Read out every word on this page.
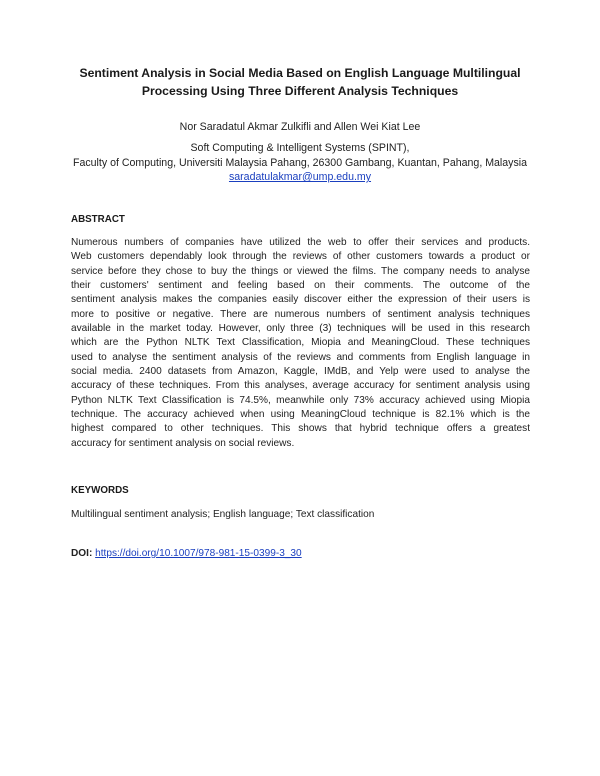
Sentiment Analysis in Social Media Based on English Language Multilingual
Processing Using Three Different Analysis Techniques
Nor Saradatul Akmar Zulkifli and Allen Wei Kiat Lee
Soft Computing & Intelligent Systems (SPINT),
Faculty of Computing, Universiti Malaysia Pahang, 26300 Gambang, Kuantan, Pahang, Malaysia
saradatulakmar@ump.edu.my
ABSTRACT
Numerous numbers of companies have utilized the web to offer their services and products.
Web customers dependably look through the reviews of other customers towards a product or
service before they chose to buy the things or viewed the films. The company needs to analyse
their customers' sentiment and feeling based on their comments. The outcome of the
sentiment analysis makes the companies easily discover either the expression of their users is
more to positive or negative. There are numerous numbers of sentiment analysis techniques
available in the market today. However, only three (3) techniques will be used in this research
which are the Python NLTK Text Classification, Miopia and MeaningCloud. These techniques
used to analyse the sentiment analysis of the reviews and comments from English language in
social media. 2400 datasets from Amazon, Kaggle, IMdB, and Yelp were used to analyse the
accuracy of these techniques. From this analyses, average accuracy for sentiment analysis using
Python NLTK Text Classification is 74.5%, meanwhile only 73% accuracy achieved using Miopia
technique. The accuracy achieved when using MeaningCloud technique is 82.1% which is the
highest compared to other techniques. This shows that hybrid technique offers a greatest
accuracy for sentiment analysis on social reviews.
KEYWORDS
Multilingual sentiment analysis; English language; Text classification
DOI: https://doi.org/10.1007/978-981-15-0399-3_30
